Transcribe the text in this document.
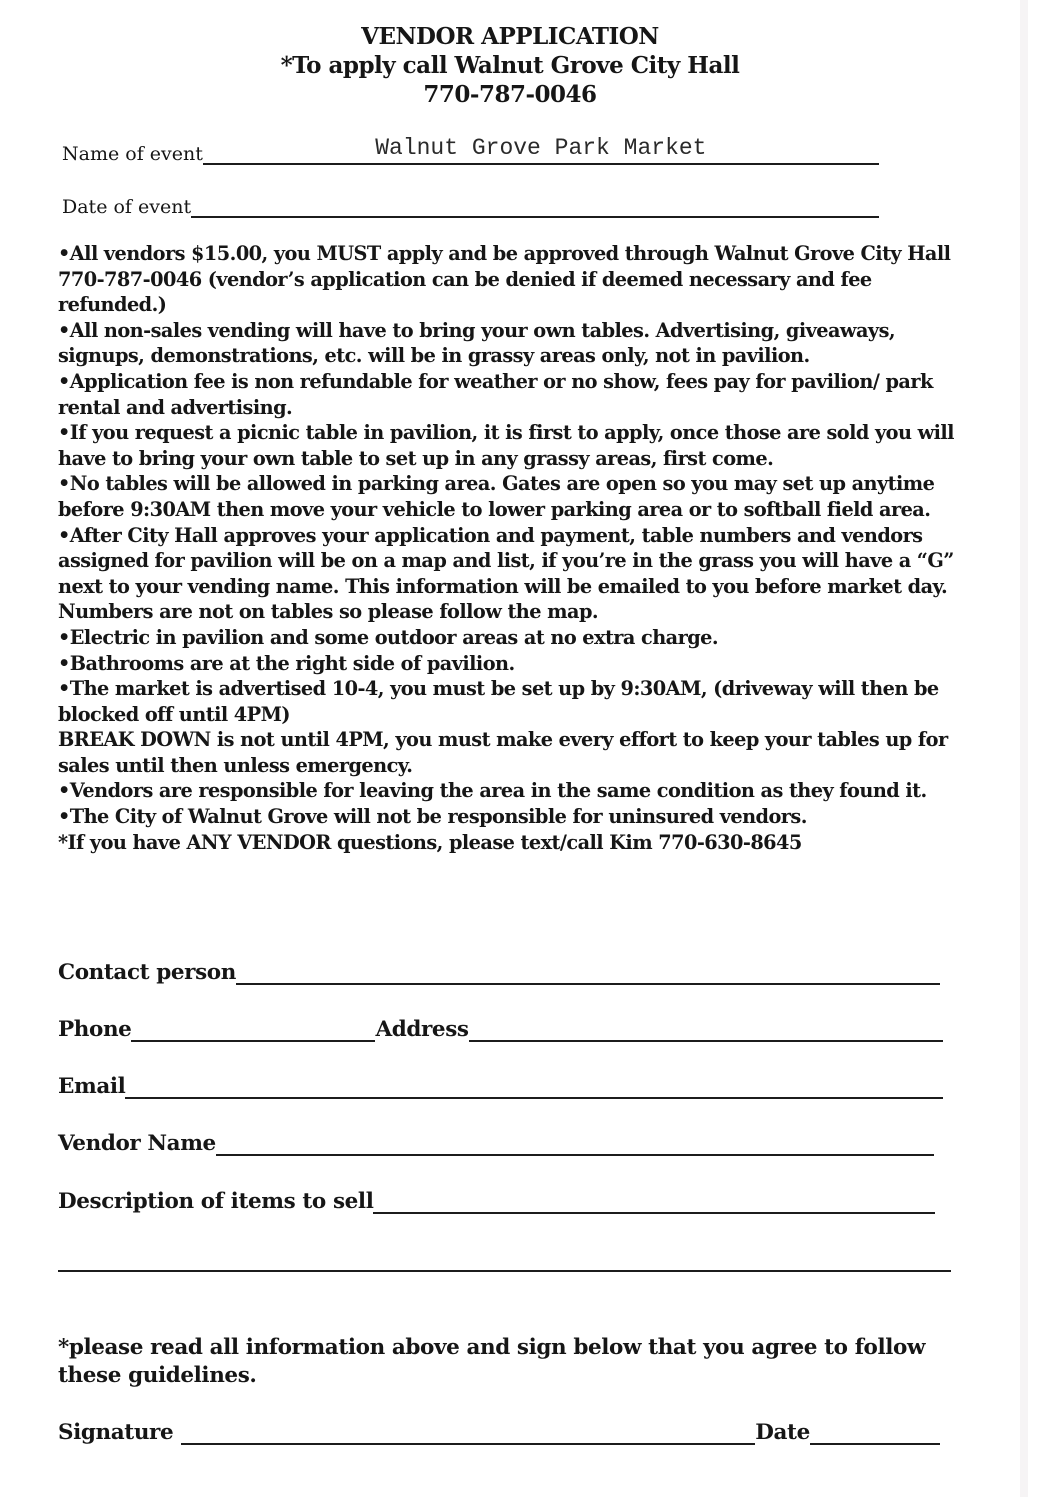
VENDOR APPLICATION
*To apply call Walnut Grove City Hall
770-787-0046
Name of event	Walnut Grove Park Market
Date of event

•All vendors $15.00, you MUST apply and be approved through Walnut Grove City Hall 770-787-0046 (vendor’s application can be denied if deemed necessary and fee refunded.)

•All non-sales vending will have to bring your own tables. Advertising, giveaways, signups, demonstrations, etc. will be in grassy areas only, not in pavilion.

•Application fee is non refundable for weather or no show, fees pay for pavilion/ park rental and advertising.

•If you request a picnic table in pavilion, it is first to apply, once those are sold you will have to bring your own table to set up in any grassy areas, first come.

•No tables will be allowed in parking area. Gates are open so you may set up anytime before 9:30AM then move your vehicle to lower parking area or to softball field area.

•After City Hall approves your application and payment, table numbers and vendors assigned for pavilion will be on a map and list, if you’re in the grass you will have a “G” next to your vending name. This information will be emailed to you before market day. Numbers are not on tables so please follow the map.

•Electric in pavilion and some outdoor areas at no extra charge.

•Bathrooms are at the right side of pavilion.

•The market is advertised 10-4, you must be set up by 9:30AM, (driveway will then be blocked off until 4PM)

BREAK DOWN is not until 4PM, you must make every effort to keep your tables up for sales until then unless emergency.

•Vendors are responsible for leaving the area in the same condition as they found it.

•The City of Walnut Grove will not be responsible for uninsured vendors.

*If you have ANY VENDOR questions, please text/call Kim 770-630-8645

Contact person
Phone	Address
Email
Vendor Name
Description of items to sell
*please read all information above and sign below that you agree to follow these guidelines.
Signature	Date
